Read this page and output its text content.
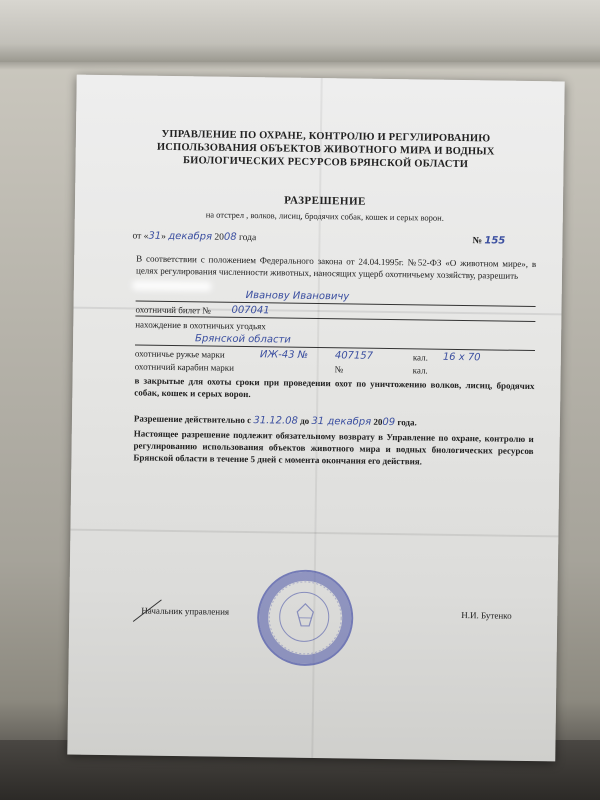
УПРАВЛЕНИЕ ПО ОХРАНЕ, КОНТРОЛЮ И РЕГУЛИРОВАНИЮ
ИСПОЛЬЗОВАНИЯ ОБЪЕКТОВ ЖИВОТНОГО МИРА И ВОДНЫХ
БИОЛОГИЧЕСКИХ РЕСУРСОВ БРЯНСКОЙ ОБЛАСТИ
РАЗРЕШЕНИЕ
на отстрел , волков, лисиц, бродячих собак, кошек и серых ворон.
от «31» декабря 2008 года	№ 155
В соответствии с положением Федерального закона от 24.04.1995г. №52-ФЗ «О животном мире», в целях регулирования численности животных, наносящих ущерб охотничьему хозяйству, разрешить
Иванову Ивановичу
охотничий билет № 007041
нахождение в охотничьих угодьях
Брянской области
охотничье ружье марки	ИЖ-43 №	407157	кал. 16 х 70
охотничий карабин марки	№	кал.
в закрытые для охоты сроки при проведении охот по уничтожению волков, лисиц, бродячих собак, кошек и серых ворон.
Разрешение действительно с 31.12.08 до 31 декабря 2009 года.
Настоящее разрешение подлежит обязательному возврату в Управление по охране, контролю и регулированию использования объектов животного мира и водных биологических ресурсов Брянской области в течение 5 дней с момента окончания его действия.
Начальник управления	Н.И. Бутенко
